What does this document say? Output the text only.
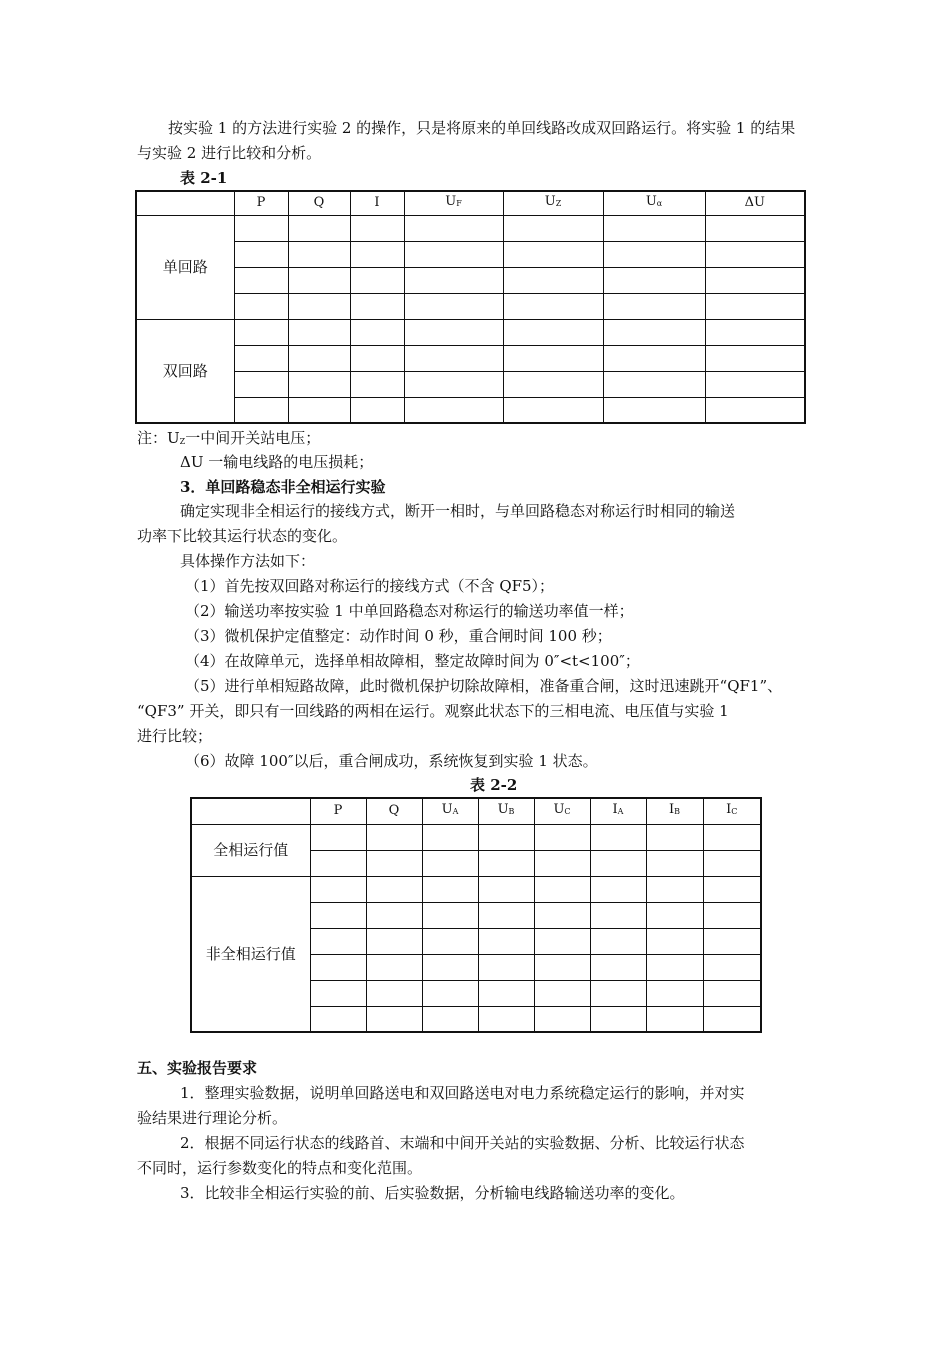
按实验 1 的方法进行实验 2 的操作，只是将原来的单回线路改成双回路运行。将实验 1 的结果
与实验 2 进行比较和分析。
表 2-1
	P	Q	I	$U_F$	$U_Z$	$U_\alpha$	ΔU
单回路							

双回路							

注：$U_Z$一中间开关站电压；
ΔU 一输电线路的电压损耗；
3．单回路稳态非全相运行实验
确定实现非全相运行的接线方式，断开一相时，与单回路稳态对称运行时相同的输送
功率下比较其运行状态的变化。
具体操作方法如下：
（1）首先按双回路对称运行的接线方式（不含 QF5）；
（2）输送功率按实验 1 中单回路稳态对称运行的输送功率值一样；
（3）微机保护定值整定：动作时间 0 秒，重合闸时间 100 秒；
（4）在故障单元，选择单相故障相，整定故障时间为 0″<t<100″；
（5）进行单相短路故障，此时微机保护切除故障相，准备重合闸，这时迅速跳开“QF1”、
“QF3” 开关，即只有一回线路的两相在运行。观察此状态下的三相电流、电压值与实验 1
进行比较；
（6）故障 100″以后，重合闸成功，系统恢复到实验 1 状态。
表 2-2
	P	Q	$U_A$	$U_B$	$U_C$	$I_A$	$I_B$	$I_C$
全相运行值								

非全相运行值								

五、实验报告要求
1．整理实验数据，说明单回路送电和双回路送电对电力系统稳定运行的影响，并对实
验结果进行理论分析。
2．根据不同运行状态的线路首、末端和中间开关站的实验数据、分析、比较运行状态
不同时，运行参数变化的特点和变化范围。
3．比较非全相运行实验的前、后实验数据，分析输电线路输送功率的变化。
